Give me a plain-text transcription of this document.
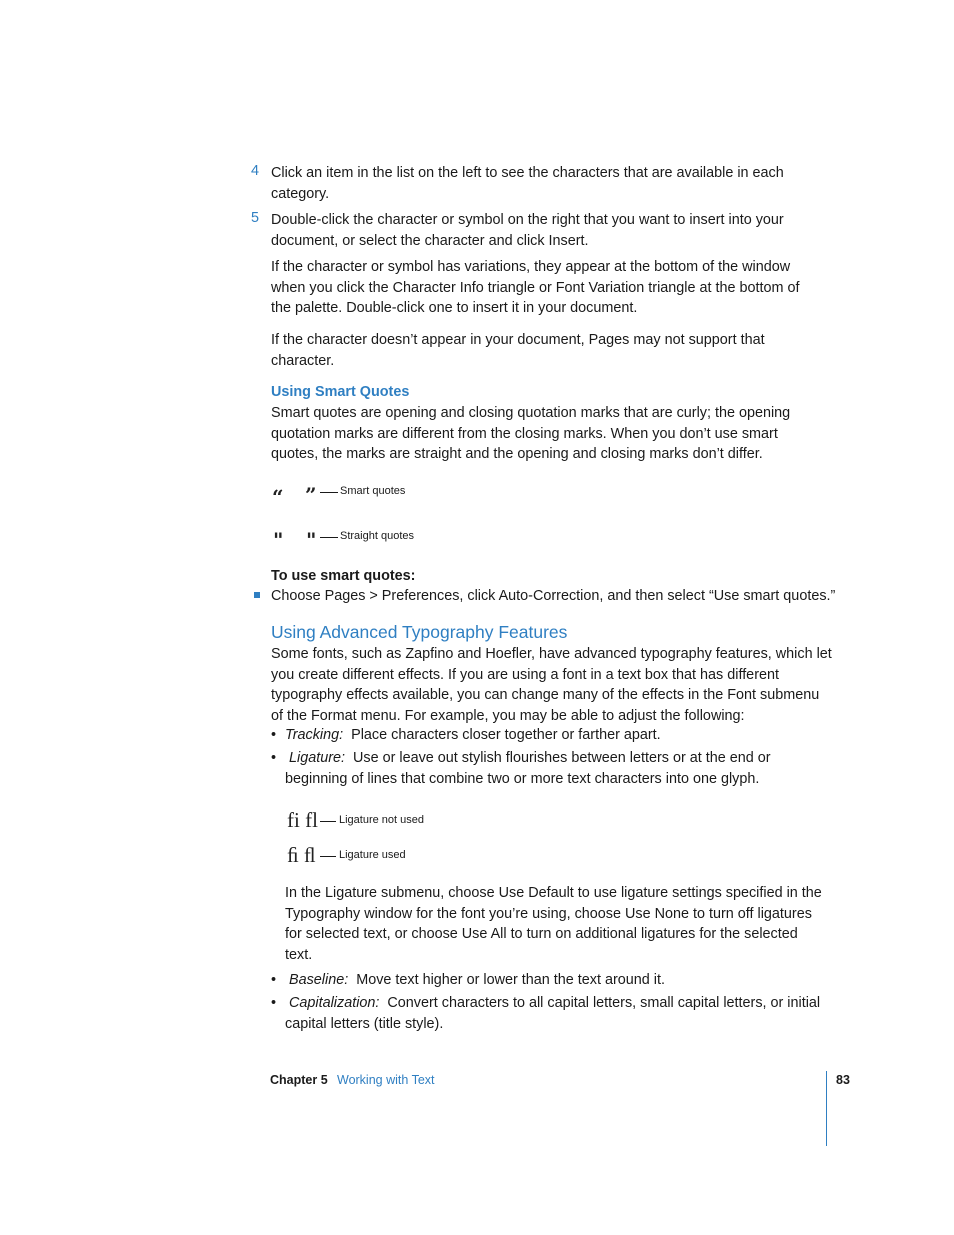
4 Click an item in the list on the left to see the characters that are available in each
category.
5 Double-click the character or symbol on the right that you want to insert into your
document, or select the character and click Insert.
If the character or symbol has variations, they appear at the bottom of the window
when you click the Character Info triangle or Font Variation triangle at the bottom of
the palette. Double-click one to insert it in your document.
If the character doesn’t appear in your document, Pages may not support that
character.
Using Smart Quotes
Smart quotes are opening and closing quotation marks that are curly; the opening
quotation marks are different from the closing marks. When you don’t use smart
quotes, the marks are straight and the opening and closing marks don’t differ.
“ ” Smart quotes
" " Straight quotes
To use smart quotes:
Choose Pages > Preferences, click Auto-Correction, and then select “Use smart quotes.”
Using Advanced Typography Features
Some fonts, such as Zapfino and Hoefler, have advanced typography features, which let
you create different effects. If you are using a font in a text box that has different
typography effects available, you can change many of the effects in the Font submenu
of the Format menu. For example, you may be able to adjust the following:
• Tracking: Place characters closer together or farther apart.
• Ligature: Use or leave out stylish flourishes between letters or at the end or
beginning of lines that combine two or more text characters into one glyph.
fi fl Ligature not used
ﬁ ﬂ Ligature used
In the Ligature submenu, choose Use Default to use ligature settings specified in the
Typography window for the font you’re using, choose Use None to turn off ligatures
for selected text, or choose Use All to turn on additional ligatures for the selected
text.
• Baseline: Move text higher or lower than the text around it.
• Capitalization: Convert characters to all capital letters, small capital letters, or initial
capital letters (title style).
Chapter 5 Working with Text	83
